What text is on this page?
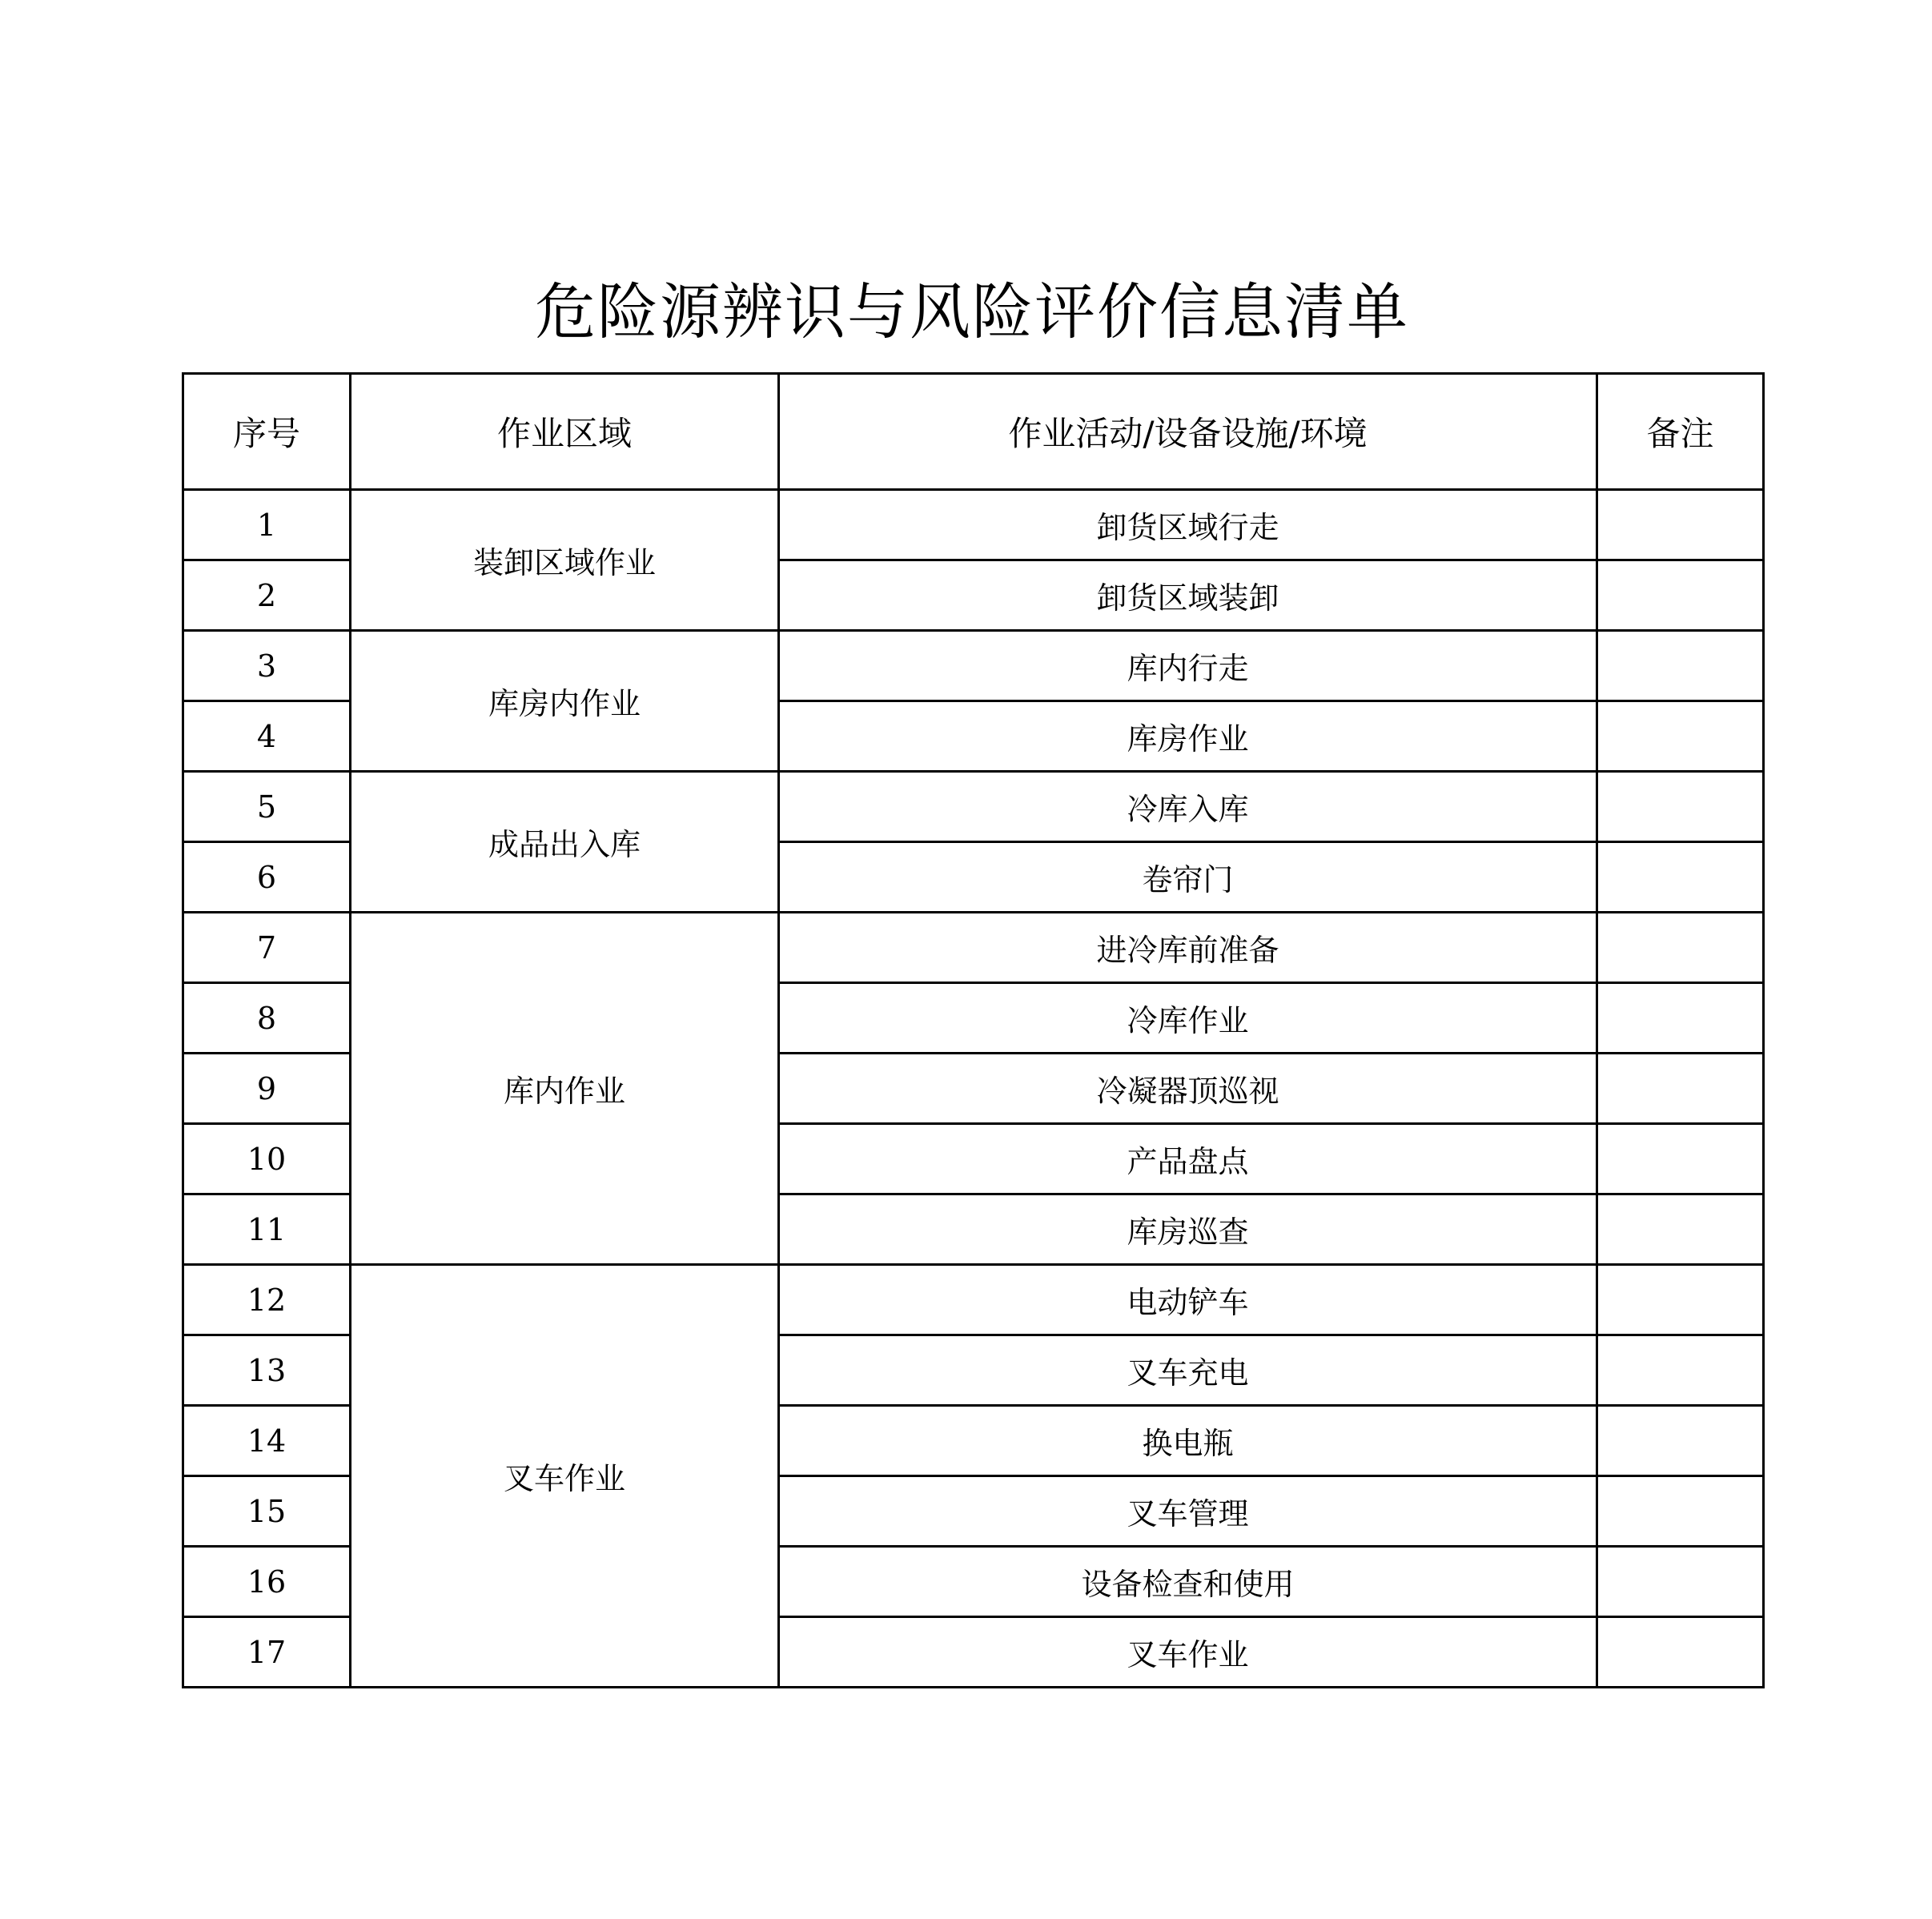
危险源辨识与风险评价信息清单
序号	作业区域	作业活动/设备设施/环境	备注
1	装卸区域作业	卸货区域行走	
2		卸货区域装卸	
3	库房内作业	库内行走	
4		库房作业	
5	成品出入库	冷库入库	
6		卷帘门	
7	库内作业	进冷库前准备	
8		冷库作业	
9		冷凝器顶巡视	
10		产品盘点	
11		库房巡查	
12	叉车作业	电动铲车	
13		叉车充电	
14		换电瓶	
15		叉车管理	
16		设备检查和使用	
17		叉车作业	
